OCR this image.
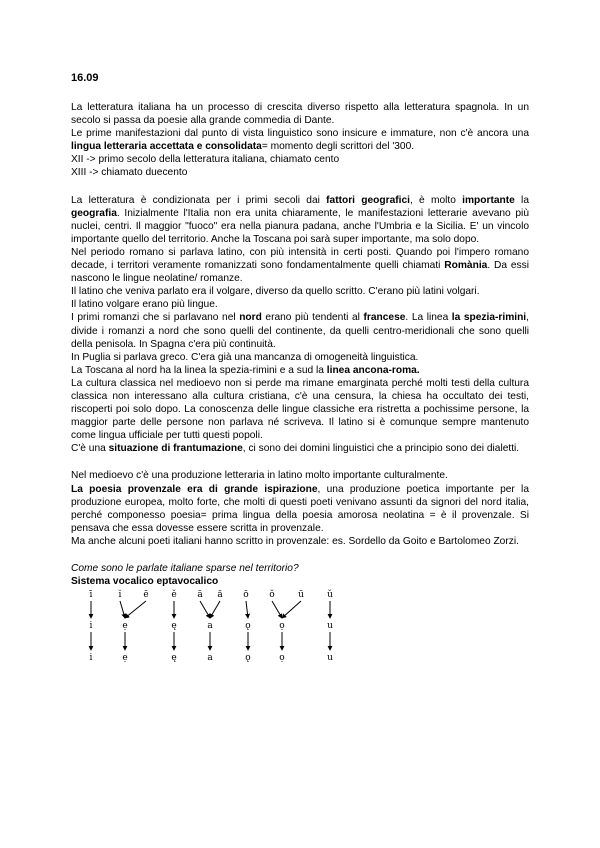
16.09

La letteratura italiana ha un processo di crescita diverso rispetto alla letteratura spagnola. In un secolo si passa da poesie alla grande commedia di Dante.

Le prime manifestazioni dal punto di vista linguistico sono insicure e immature, non c'è ancora una lingua letteraria accettata e consolidata= momento degli scrittori del '300.

XII -> primo secolo della letteratura italiana, chiamato cento
XIII -> chiamato duecento

La letteratura è condizionata per i primi secoli dai fattori geografici, è molto importante la geografia. Inizialmente l'Italia non era unita chiaramente, le manifestazioni letterarie avevano più nuclei, centri. Il maggior "fuoco" era nella pianura padana, anche l'Umbria e la Sicilia. E' un vincolo importante quello del territorio. Anche la Toscana poi sarà super importante, ma solo dopo.

Nel periodo romano si parlava latino, con più intensità in certi posti. Quando poi l'impero romano decade, i territori veramente romanizzati sono fondamentalmente quelli chiamati Romània. Da essi nascono le lingue neolatine/ romanze.

Il latino che veniva parlato era il volgare, diverso da quello scritto. C'erano più latini volgari.

Il latino volgare erano più lingue.

I primi romanzi che si parlavano nel nord erano più tendenti al francese. La linea la spezia-rimini, divide i romanzi a nord che sono quelli del continente, da quelli centro-meridionali che sono quelli della penisola. In Spagna c'era più continuità.

In Puglia si parlava greco. C'era già una mancanza di omogeneità linguistica.

La Toscana al nord ha la linea la spezia-rimini e a sud la linea ancona-roma.

La cultura classica nel medioevo non si perde ma rimane emarginata perché molti testi della cultura classica non interessano alla cultura cristiana, c'è una censura, la chiesa ha occultato dei testi, riscoperti poi solo dopo. La conoscenza delle lingue classiche era ristretta a pochissime persone, la maggior parte delle persone non parlava né scriveva. Il latino si è comunque sempre mantenuto come lingua ufficiale per tutti questi popoli.

C'è una situazione di frantumazione, ci sono dei domini linguistici che a principio sono dei dialetti.

Nel medioevo c'è una produzione letteraria in latino molto importante culturalmente.

La poesia provenzale era di grande ispirazione, una produzione poetica importante per la produzione europea, molto forte, che molti di questi poeti venivano assunti da signori del nord italia, perché componesso poesia= prima lingua della poesia amorosa neolatina = è il provenzale. Si pensava che essa dovesse essere scritta in provenzale.

Ma anche alcuni poeti italiani hanno scritto in provenzale: es. Sordello da Goito e Bartolomeo Zorzi.

Come sono le parlate italiane sparse nel territorio?

Sistema vocalico eptavocalico

ī	ĭ ē	ĕ ā ă ō ŏ	ū	ŭ
i	ẹ	ę	a	ǫ	ọ	u
i	ẹ	ę	a	ǫ	ọ	u
